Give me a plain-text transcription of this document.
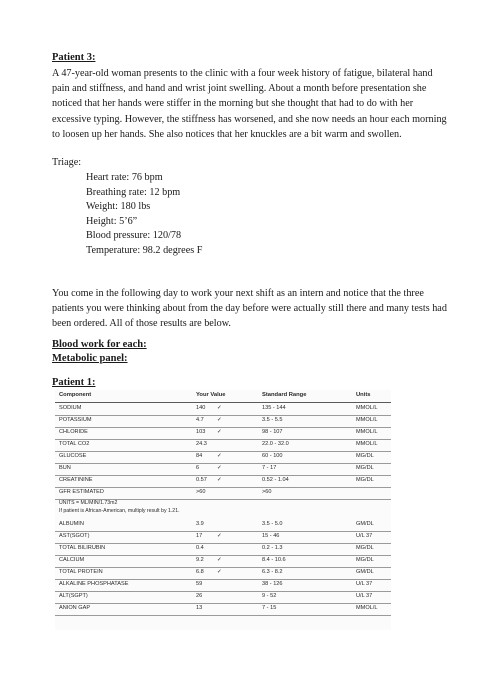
Patient 3:
A 47-year-old woman presents to the clinic with a four week history of fatigue, bilateral hand pain and stiffness, and hand and wrist joint swelling. About a month before presentation she noticed that her hands were stiffer in the morning but she thought that had to do with her excessive typing. However, the stiffness has worsened, and she now needs an hour each morning to loosen up her hands. She also notices that her knuckles are a bit warm and swollen.
Triage:
Heart rate: 76 bpm
Breathing rate: 12 bpm
Weight: 180 lbs
Height: 5’6”
Blood pressure: 120/78
Temperature: 98.2 degrees F
You come in the following day to work your next shift as an intern and notice that the three patients you were thinking about from the day before were actually still there and many tests had been ordered. All of those results are below.
Blood work for each:
Metabolic panel:
Patient 1:
Component	Your Value	Standard Range	Units
SODIUM	140	135 - 144	MMOL/L
✓
POTASSIUM	4.7	3.5 - 5.5	MMOL/L
✓
CHLORIDE	103	98 - 107	MMOL/L
✓
TOTAL CO2	24.3	22.0 - 32.0	MMOL/L
GLUCOSE	84	60 - 100	MG/DL
✓
BUN	6	7 - 17	MG/DL
✓
CREATININE	0.57	0.52 - 1.04	MG/DL
✓
GFR ESTIMATED	>60	>60
UNITS = ML/MIN/1.73m2
If patient is African-American, multiply result by 1.21.
ALBUMIN	3.9	3.5 - 5.0	GM/DL
AST(SGOT)	17	15 - 46	U/L 37
✓
TOTAL BILIRUBIN	0.4	0.2 - 1.3	MG/DL
CALCIUM	9.2	8.4 - 10.6	MG/DL
✓
TOTAL PROTEIN	6.8	6.3 - 8.2	GM/DL
✓
ALKALINE PHOSPHATASE	59	38 - 126	U/L 37
ALT(SGPT)	26	9 - 52	U/L 37
ANION GAP	13	7 - 15	MMOL/L
